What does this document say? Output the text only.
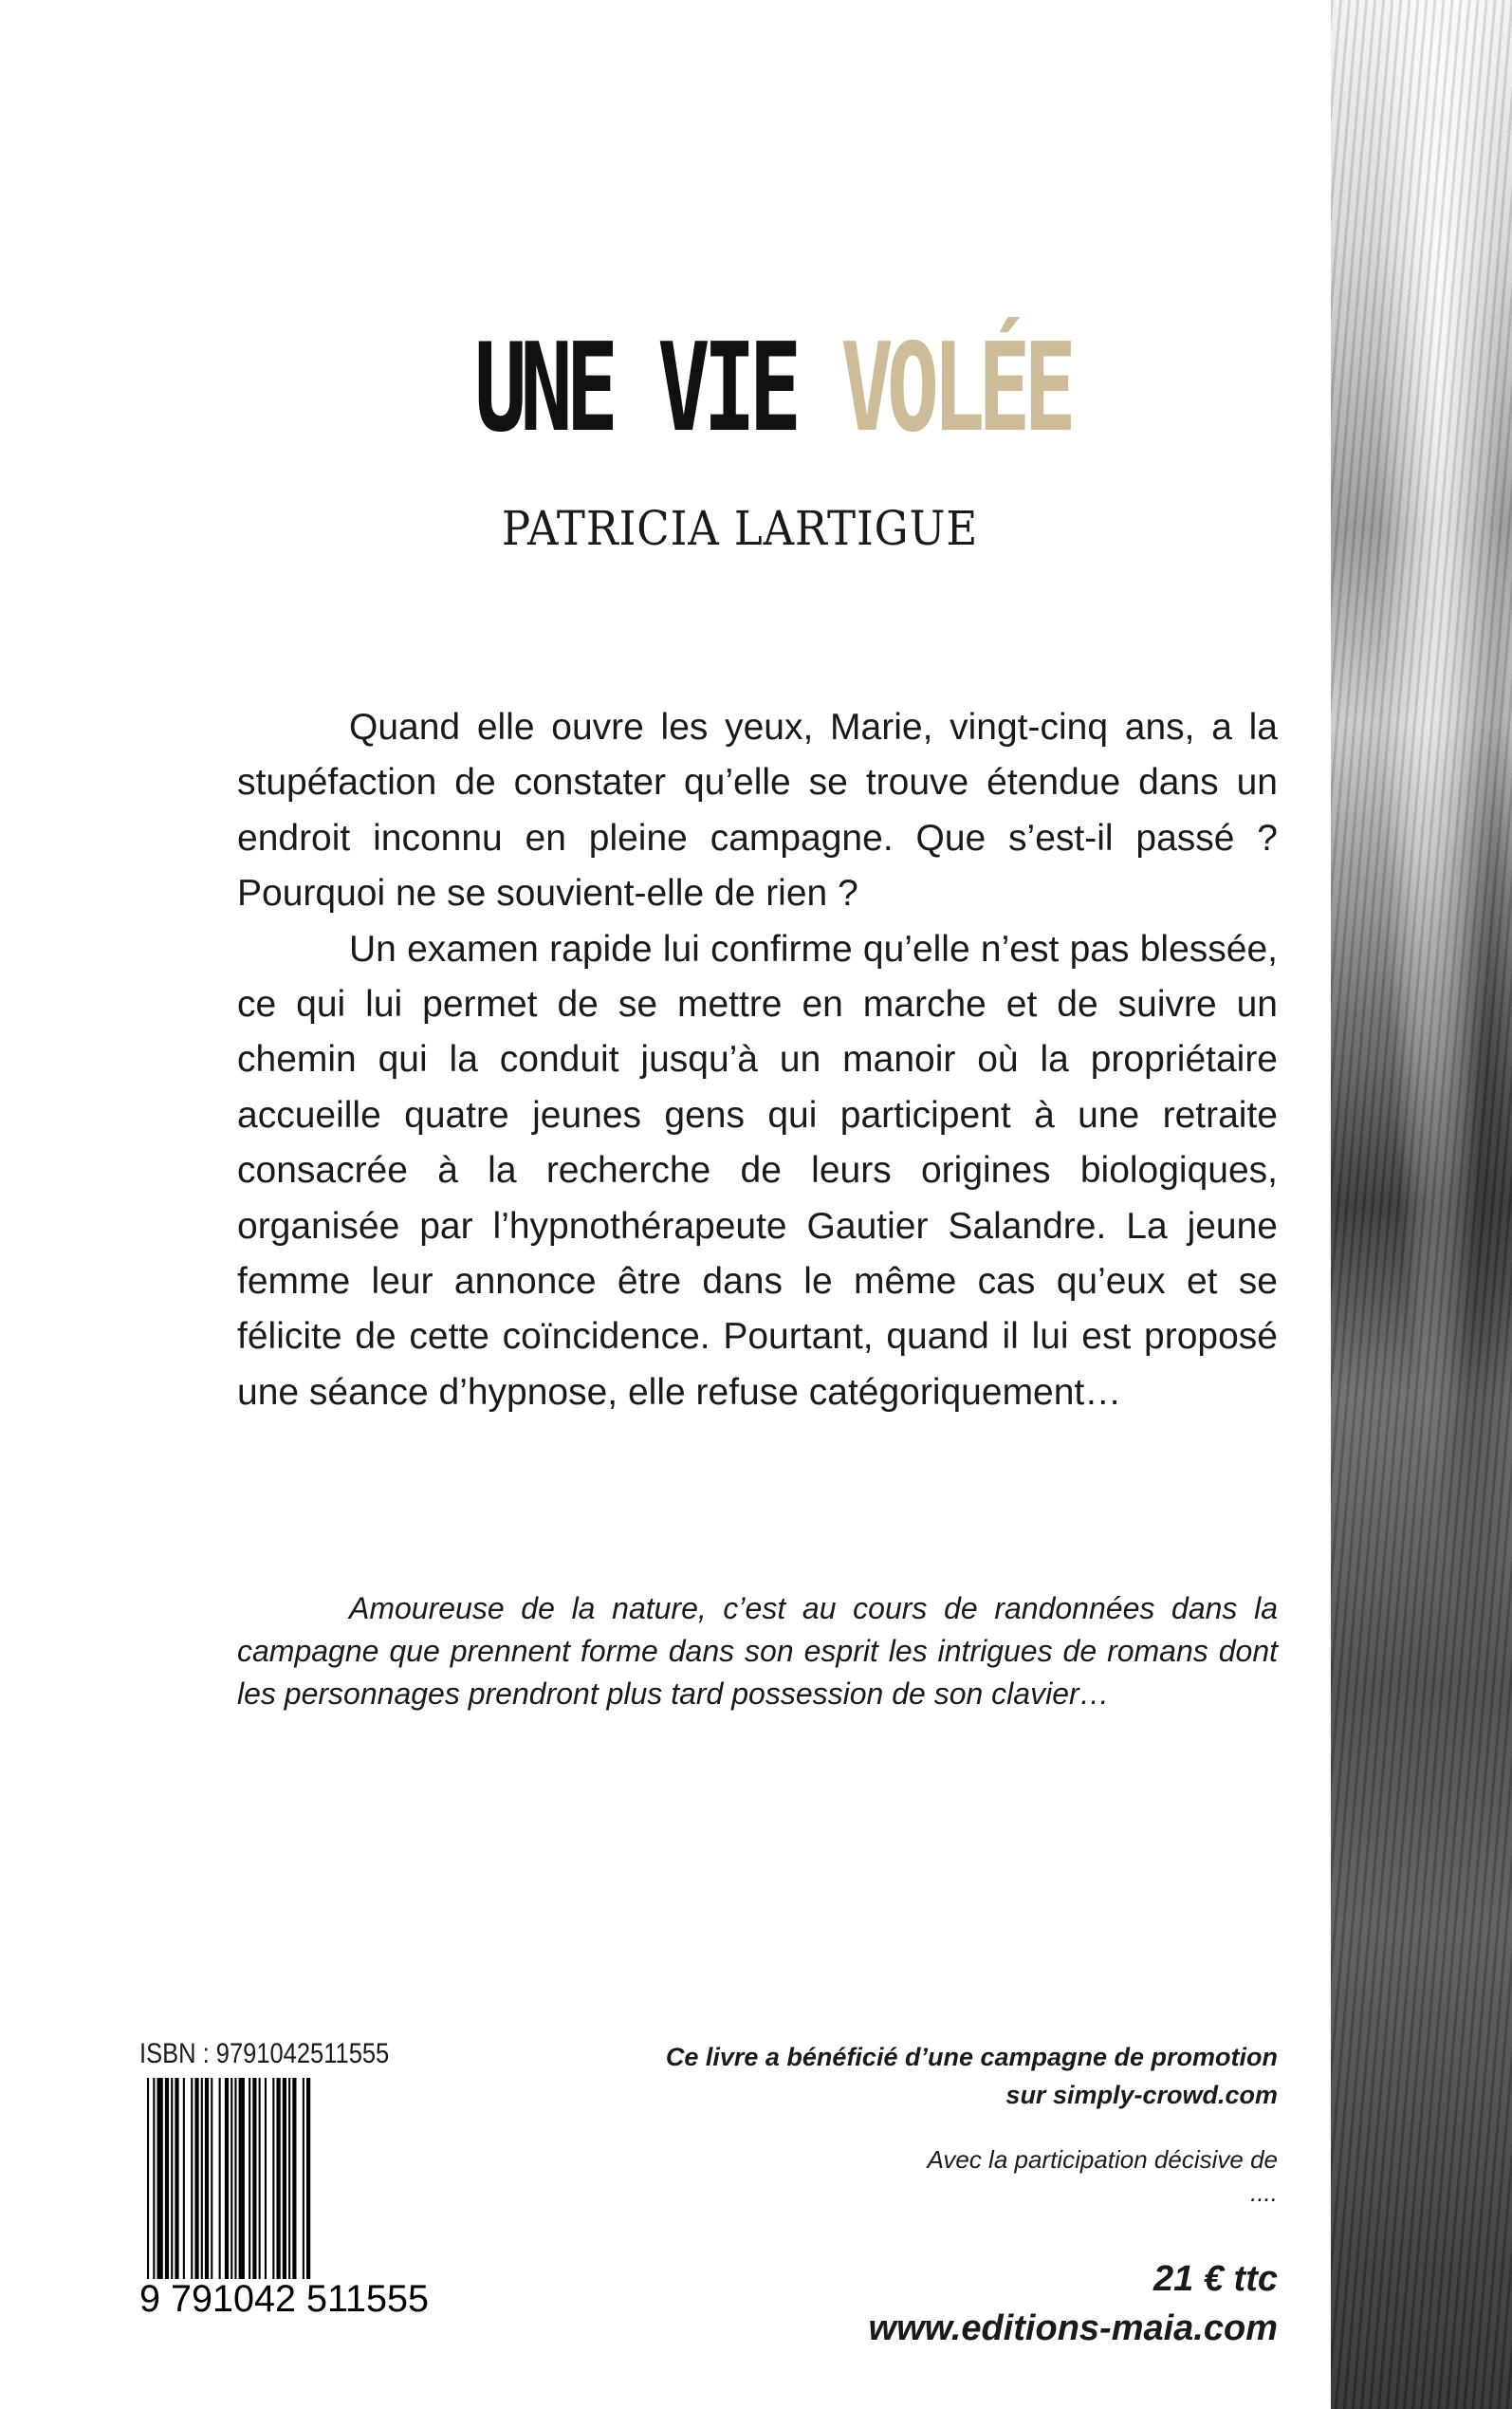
UNE VIE VOLÉE
PATRICIA LARTIGUE

Quand elle ouvre les yeux, Marie, vingt-cinq ans, a la stupéfaction de constater qu’elle se trouve étendue dans un endroit inconnu en pleine campagne. Que s’est-il passé ? Pourquoi ne se souvient-elle de rien ?

Un examen rapide lui confirme qu’elle n’est pas blessée, ce qui lui permet de se mettre en marche et de suivre un chemin qui la conduit jusqu’à un manoir où la propriétaire accueille quatre jeunes gens qui participent à une retraite consacrée à la recherche de leurs origines biologiques, organisée par l’hypnothérapeute Gautier Salandre. La jeune femme leur annonce être dans le même cas qu’eux et se félicite de cette coïncidence. Pourtant, quand il lui est proposé une séance d’hypnose, elle refuse catégoriquement…

Amoureuse de la nature, c’est au cours de randonnées dans la campagne que prennent forme dans son esprit les intrigues de romans dont les personnages prendront plus tard possession de son clavier…

ISBN : 9791042511555
9 791042 511555
Ce livre a bénéficié d’une campagne de promotion
sur simply-crowd.com
Avec la participation décisive de
....
21 € ttc
www.editions-maia.com
